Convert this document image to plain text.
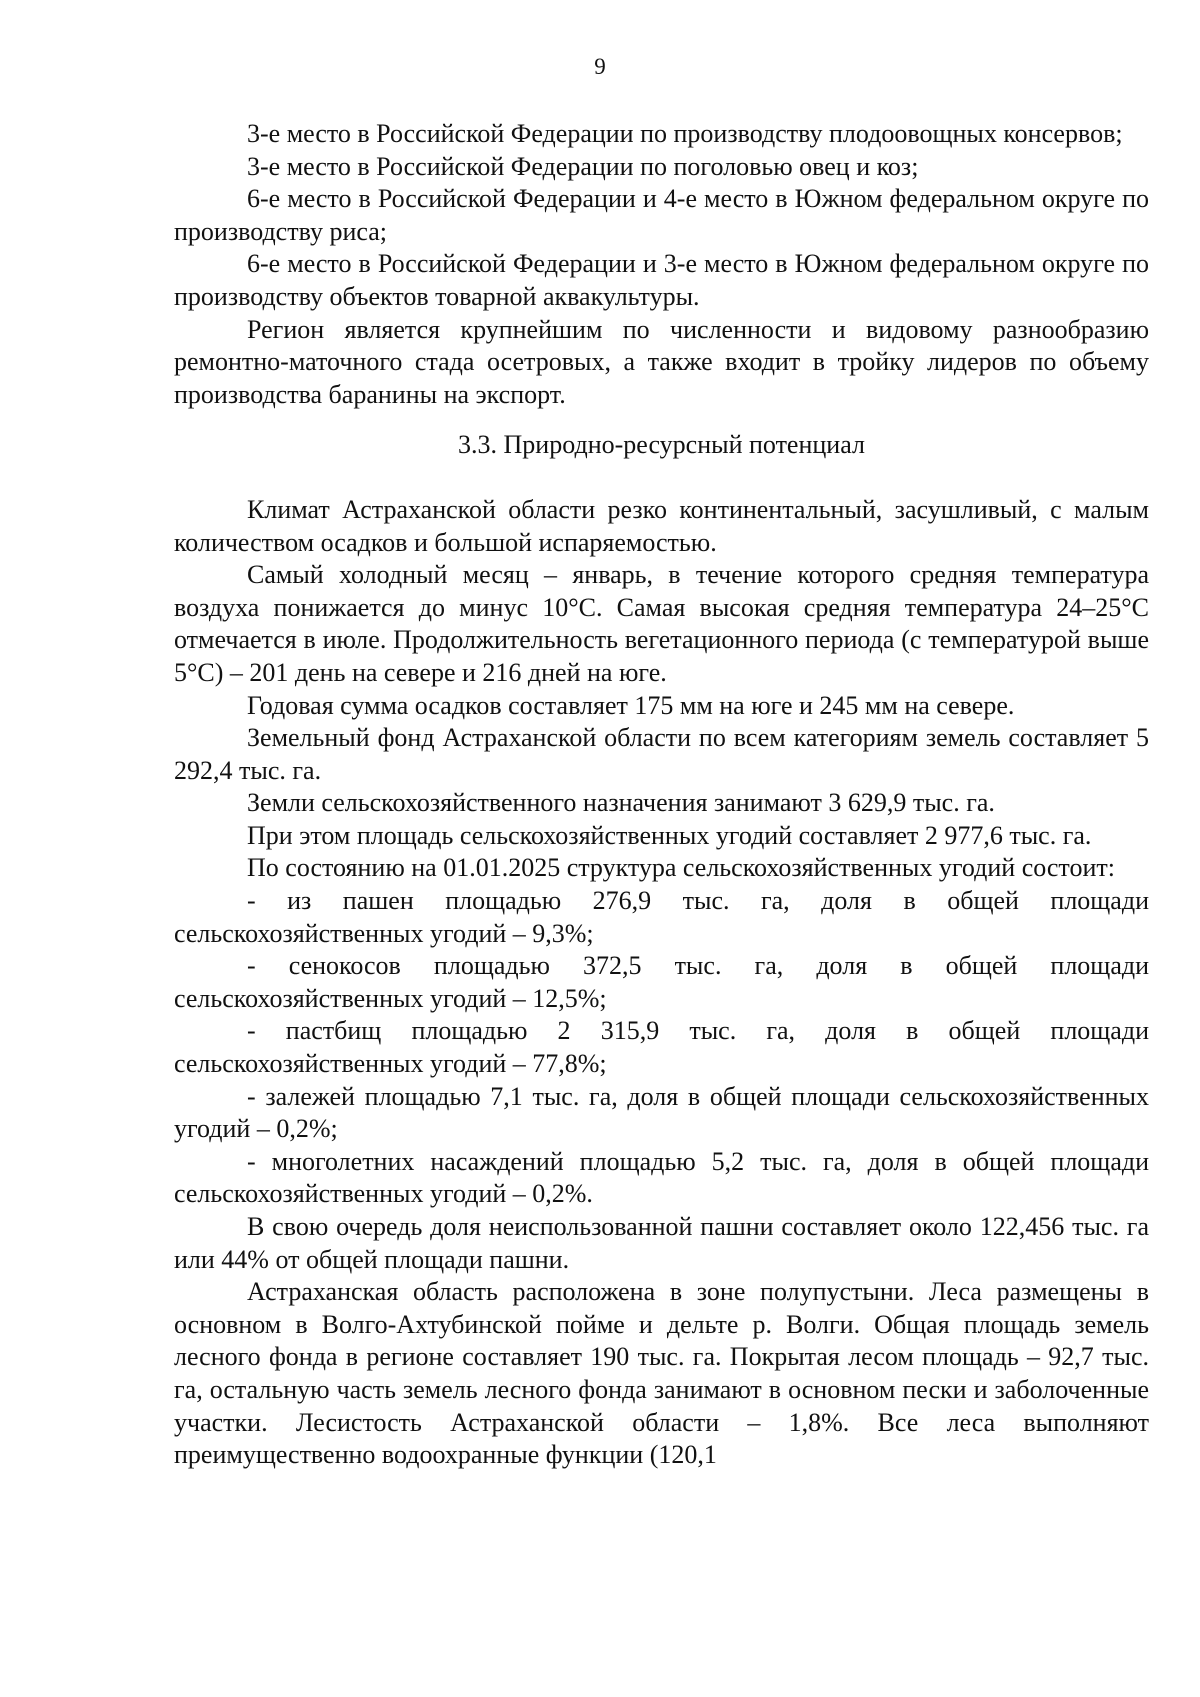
9

3-е место в Российской Федерации по производству плодоовощных консервов;

3-е место в Российской Федерации по поголовью овец и коз;

6-е место в Российской Федерации и 4-е место в Южном федеральном округе по производству риса;

6-е место в Российской Федерации и 3-е место в Южном федеральном округе по производству объектов товарной аквакультуры.

Регион является крупнейшим по численности и видовому разнообразию ремонтно-маточного стада осетровых, а также входит в тройку лидеров по объему производства баранины на экспорт.

3.3. Природно-ресурсный потенциал

Климат Астраханской области резко континентальный, засушливый, с малым количеством осадков и большой испаряемостью.

Самый холодный месяц – январь, в течение которого средняя температура воздуха понижается до минус 10°С. Самая высокая средняя температура 24–25°С отмечается в июле. Продолжительность вегетационного периода (с температурой выше 5°С) – 201 день на севере и 216 дней на юге.

Годовая сумма осадков составляет 175 мм на юге и 245 мм на севере.

Земельный фонд Астраханской области по всем категориям земель составляет 5 292,4 тыс. га.

Земли сельскохозяйственного назначения занимают 3 629,9 тыс. га.

При этом площадь сельскохозяйственных угодий составляет 2 977,6 тыс. га.

По состоянию на 01.01.2025 структура сельскохозяйственных угодий состоит:

- из пашен площадью 276,9 тыс. га, доля в общей площади сельскохозяйственных угодий – 9,3%;

- сенокосов площадью 372,5 тыс. га, доля в общей площади сельскохозяйственных угодий – 12,5%;

- пастбищ площадью 2 315,9 тыс. га, доля в общей площади сельскохозяйственных угодий – 77,8%;

- залежей площадью 7,1 тыс. га, доля в общей площади сельскохозяйственных угодий – 0,2%;

- многолетних насаждений площадью 5,2 тыс. га, доля в общей площади сельскохозяйственных угодий – 0,2%.

В свою очередь доля неиспользованной пашни составляет около 122,456 тыс. га или 44% от общей площади пашни.

Астраханская область расположена в зоне полупустыни. Леса размещены в основном в Волго-Ахтубинской пойме и дельте р. Волги. Общая площадь земель лесного фонда в регионе составляет 190 тыс. га. Покрытая лесом площадь – 92,7 тыс. га, остальную часть земель лесного фонда занимают в основном пески и заболоченные участки. Лесистость Астраханской области – 1,8%. Все леса выполняют преимущественно водоохранные функции (120,1
